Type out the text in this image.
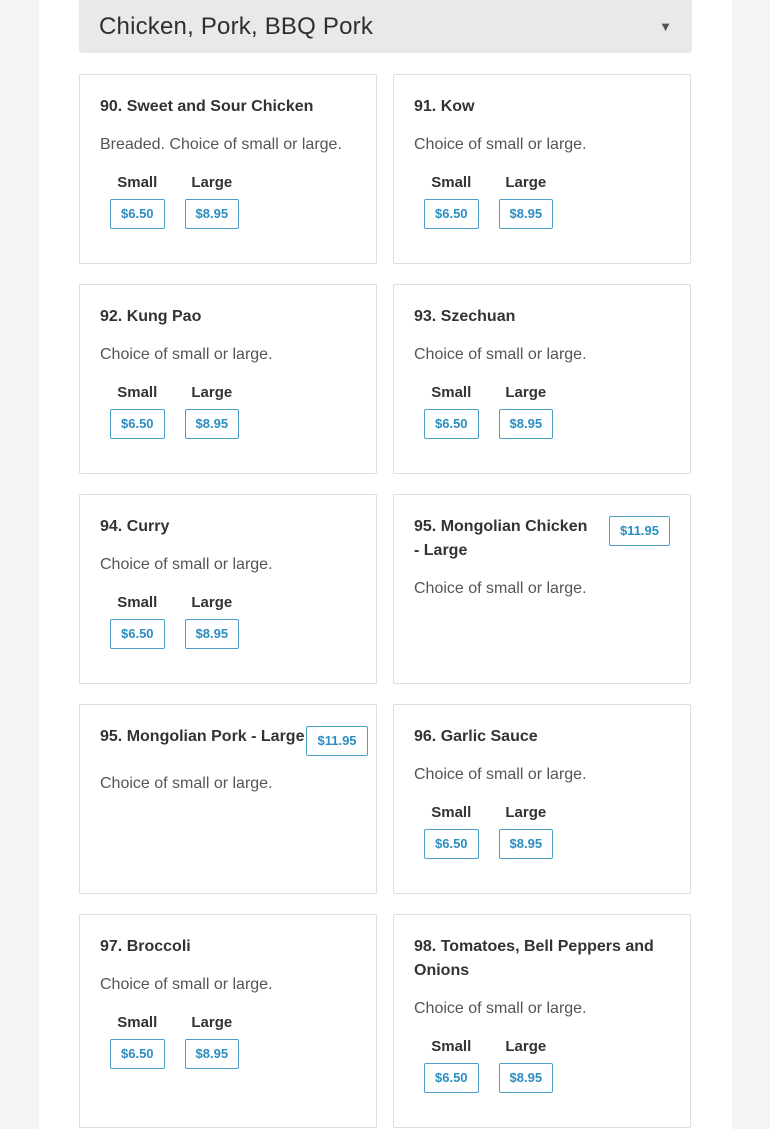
Chicken, Pork, BBQ Pork	▼
90. Sweet and Sour Chicken
Breaded. Choice of small or large.
Small
$6.50
Large
$8.95
91. Kow
Choice of small or large.
Small
$6.50
Large
$8.95
92. Kung Pao
Choice of small or large.
Small
$6.50
Large
$8.95
93. Szechuan
Choice of small or large.
Small
$6.50
Large
$8.95
94. Curry
Choice of small or large.
Small
$6.50
Large
$8.95
95. Mongolian Chicken - Large
$11.95
Choice of small or large.
95. Mongolian Pork - Large	$11.95
Choice of small or large.
96. Garlic Sauce
Choice of small or large.
Small
$6.50
Large
$8.95
97. Broccoli
Choice of small or large.
Small
$6.50
Large
$8.95
98. Tomatoes, Bell Peppers and Onions
Choice of small or large.
Small
$6.50
Large
$8.95
